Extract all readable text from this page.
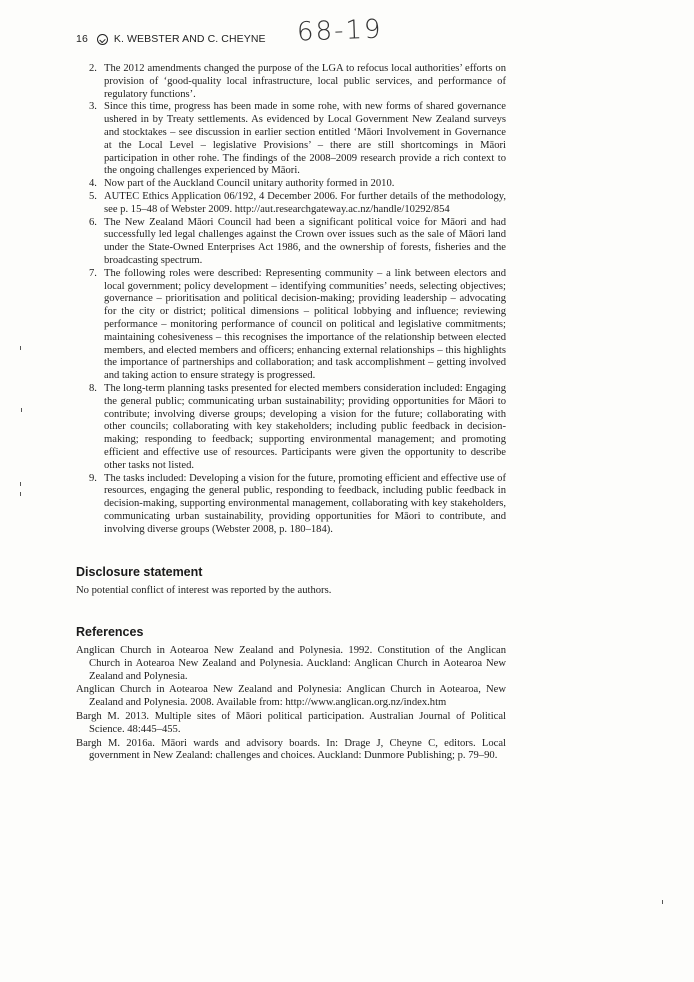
16 K. WEBSTER AND C. CHEYNE 68-19
2. The 2012 amendments changed the purpose of the LGA to refocus local authorities’ efforts on provision of ‘good-quality local infrastructure, local public services, and performance of regulatory functions’.
3. Since this time, progress has been made in some rohe, with new forms of shared governance ushered in by Treaty settlements. As evidenced by Local Government New Zealand surveys and stocktakes – see discussion in earlier section entitled ‘Māori Involvement in Governance at the Local Level – legislative Provisions’ – there are still shortcomings in Māori participation in other rohe. The findings of the 2008–2009 research provide a rich context to the ongoing challenges experienced by Māori.
4. Now part of the Auckland Council unitary authority formed in 2010.
5. AUTEC Ethics Application 06/192, 4 December 2006. For further details of the methodology, see p. 15–48 of Webster 2009. http://aut.researchgateway.ac.nz/handle/10292/854
6. The New Zealand Māori Council had been a significant political voice for Māori and had successfully led legal challenges against the Crown over issues such as the sale of Māori land under the State-Owned Enterprises Act 1986, and the ownership of forests, fisheries and the broadcasting spectrum.
7. The following roles were described: Representing community – a link between electors and local government; policy development – identifying communities’ needs, selecting objectives; governance – prioritisation and political decision-making; providing leadership – advocating for the city or district; political dimensions – political lobbying and influence; reviewing performance – monitoring performance of council on political and legislative commitments; maintaining cohesiveness – this recognises the importance of the relationship between elected members, and elected members and officers; enhancing external relationships – this highlights the importance of partnerships and collaboration; and task accomplishment – getting involved and taking action to ensure strategy is progressed.
8. The long-term planning tasks presented for elected members consideration included: Engaging the general public; communicating urban sustainability; providing opportunities for Māori to contribute; involving diverse groups; developing a vision for the future; collaborating with other councils; collaborating with key stakeholders; including public feedback in decision-making; responding to feedback; supporting environmental management; and promoting efficient and effective use of resources. Participants were given the opportunity to describe other tasks not listed.
9. The tasks included: Developing a vision for the future, promoting efficient and effective use of resources, engaging the general public, responding to feedback, including public feedback in decision-making, supporting environmental management, collaborating with key stakeholders, communicating urban sustainability, providing opportunities for Māori to contribute, and involving diverse groups (Webster 2008, p. 180–184).
Disclosure statement

No potential conflict of interest was reported by the authors.

References
Anglican Church in Aotearoa New Zealand and Polynesia. 1992. Constitution of the Anglican Church in Aotearoa New Zealand and Polynesia. Auckland: Anglican Church in Aotearoa New Zealand and Polynesia.
Anglican Church in Aotearoa New Zealand and Polynesia: Anglican Church in Aotearoa, New Zealand and Polynesia. 2008. Available from: http://www.anglican.org.nz/index.htm
Bargh M. 2013. Multiple sites of Māori political participation. Australian Journal of Political Science. 48:445–455.
Bargh M. 2016a. Māori wards and advisory boards. In: Drage J, Cheyne C, editors. Local government in New Zealand: challenges and choices. Auckland: Dunmore Publishing; p. 79–90.
